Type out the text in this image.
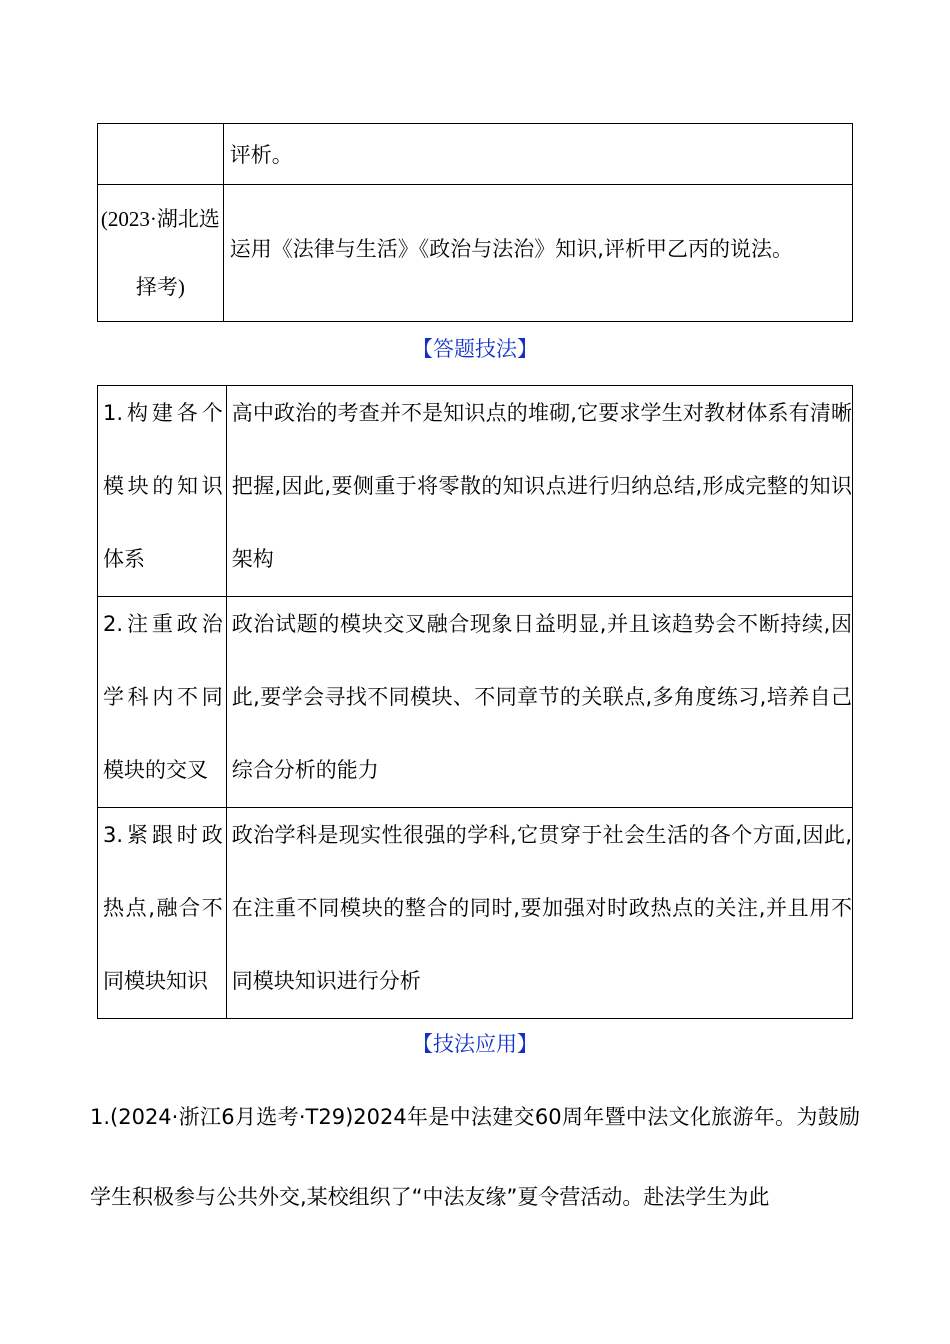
	评析。

(2023·湖北选择考)	运用《法律与生活》《政治与法治》知识,评析甲乙丙的说法。
【答题技法】
1.构建各个模块的知识体系	高中政治的考查并不是知识点的堆砌,它要求学生对教材体系有清晰把握,因此,要侧重于将零散的知识点进行归纳总结,形成完整的知识架构

2.注重政治学科内不同模块的交叉	政治试题的模块交叉融合现象日益明显,并且该趋势会不断持续,因此,要学会寻找不同模块、不同章节的关联点,多角度练习,培养自己综合分析的能力

3.紧跟时政热点,融合不同模块知识	政治学科是现实性很强的学科,它贯穿于社会生活的各个方面,因此,在注重不同模块的整合的同时,要加强对时政热点的关注,并且用不同模块知识进行分析
【技法应用】
1.(2024·浙江6月选考·T29)2024年是中法建交60周年暨中法文化旅游年。为鼓励学生积极参与公共外交,某校组织了“中法友缘”夏令营活动。赴法学生为此
